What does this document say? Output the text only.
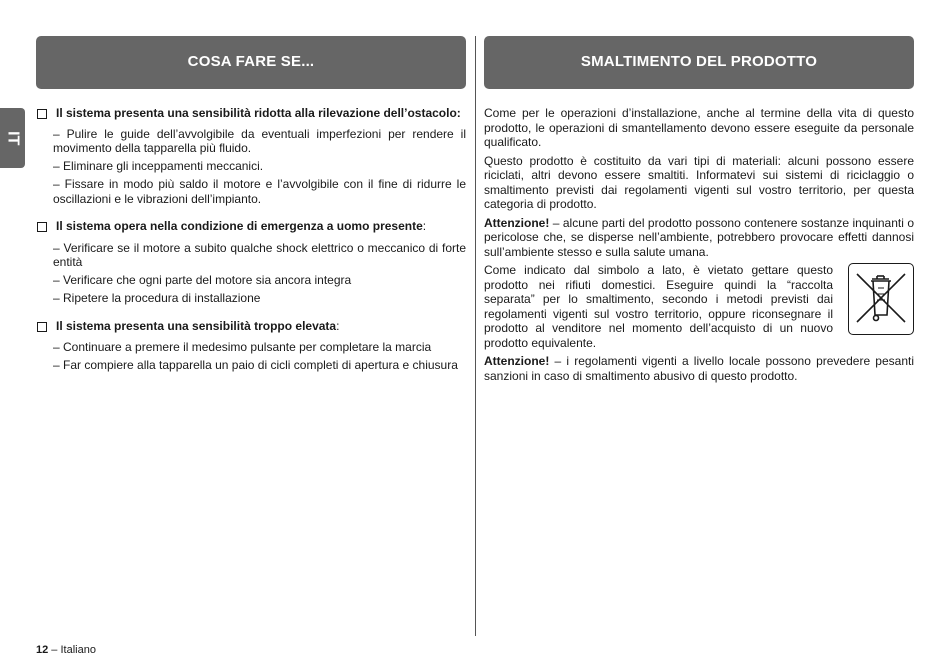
COSA FARE SE...	SMALTIMENTO DEL PRODOTTO
IT

Il sistema presenta una sensibilità ridotta alla rilevazione dell’ostacolo:

– Pulire le guide dell’avvolgibile da eventuali imperfezioni per rendere il movimento della tapparella più fluido.

– Eliminare gli inceppamenti meccanici.

– Fissare in modo più saldo il motore e l’avvolgibile con il fine di ridurre le oscillazioni e le vibrazioni dell’impianto.

Il sistema opera nella condizione di emergenza a uomo presente:

– Verificare se il motore a subito qualche shock elettrico o meccanico di forte entità

– Verificare che ogni parte del motore sia ancora integra

– Ripetere la procedura di installazione

Il sistema presenta una sensibilità troppo elevata:

– Continuare a premere il medesimo pulsante per completare la marcia

– Far compiere alla tapparella un paio di cicli completi di apertura e chiusura

Come per le operazioni d’installazione, anche al termine della vita di questo prodotto, le operazioni di smantellamento devono essere eseguite da personale qualificato.

Questo prodotto è costituito da vari tipi di materiali: alcuni possono essere riciclati, altri devono essere smaltiti. Informatevi sui sistemi di riciclaggio o smaltimento previsti dai regolamenti vigenti sul vostro territorio, per questa categoria di prodotto.

Attenzione! – alcune parti del prodotto possono contenere sostanze inquinanti o pericolose che, se disperse nell’ambiente, potrebbero provocare effetti dannosi sull’ambiente stesso e sulla salute umana.

Come indicato dal simbolo a lato, è vietato gettare questo prodotto nei rifiuti domestici. Eseguire quindi la “raccolta separata” per lo smaltimento, secondo i metodi previsti dai regolamenti vigenti sul vostro territorio, oppure riconsegnare il prodotto al venditore nel momento dell’acquisto di un nuovo prodotto equivalente.

Attenzione! – i regolamenti vigenti a livello locale possono prevedere pesanti sanzioni in caso di smaltimento abusivo di questo prodotto.

12 – Italiano
